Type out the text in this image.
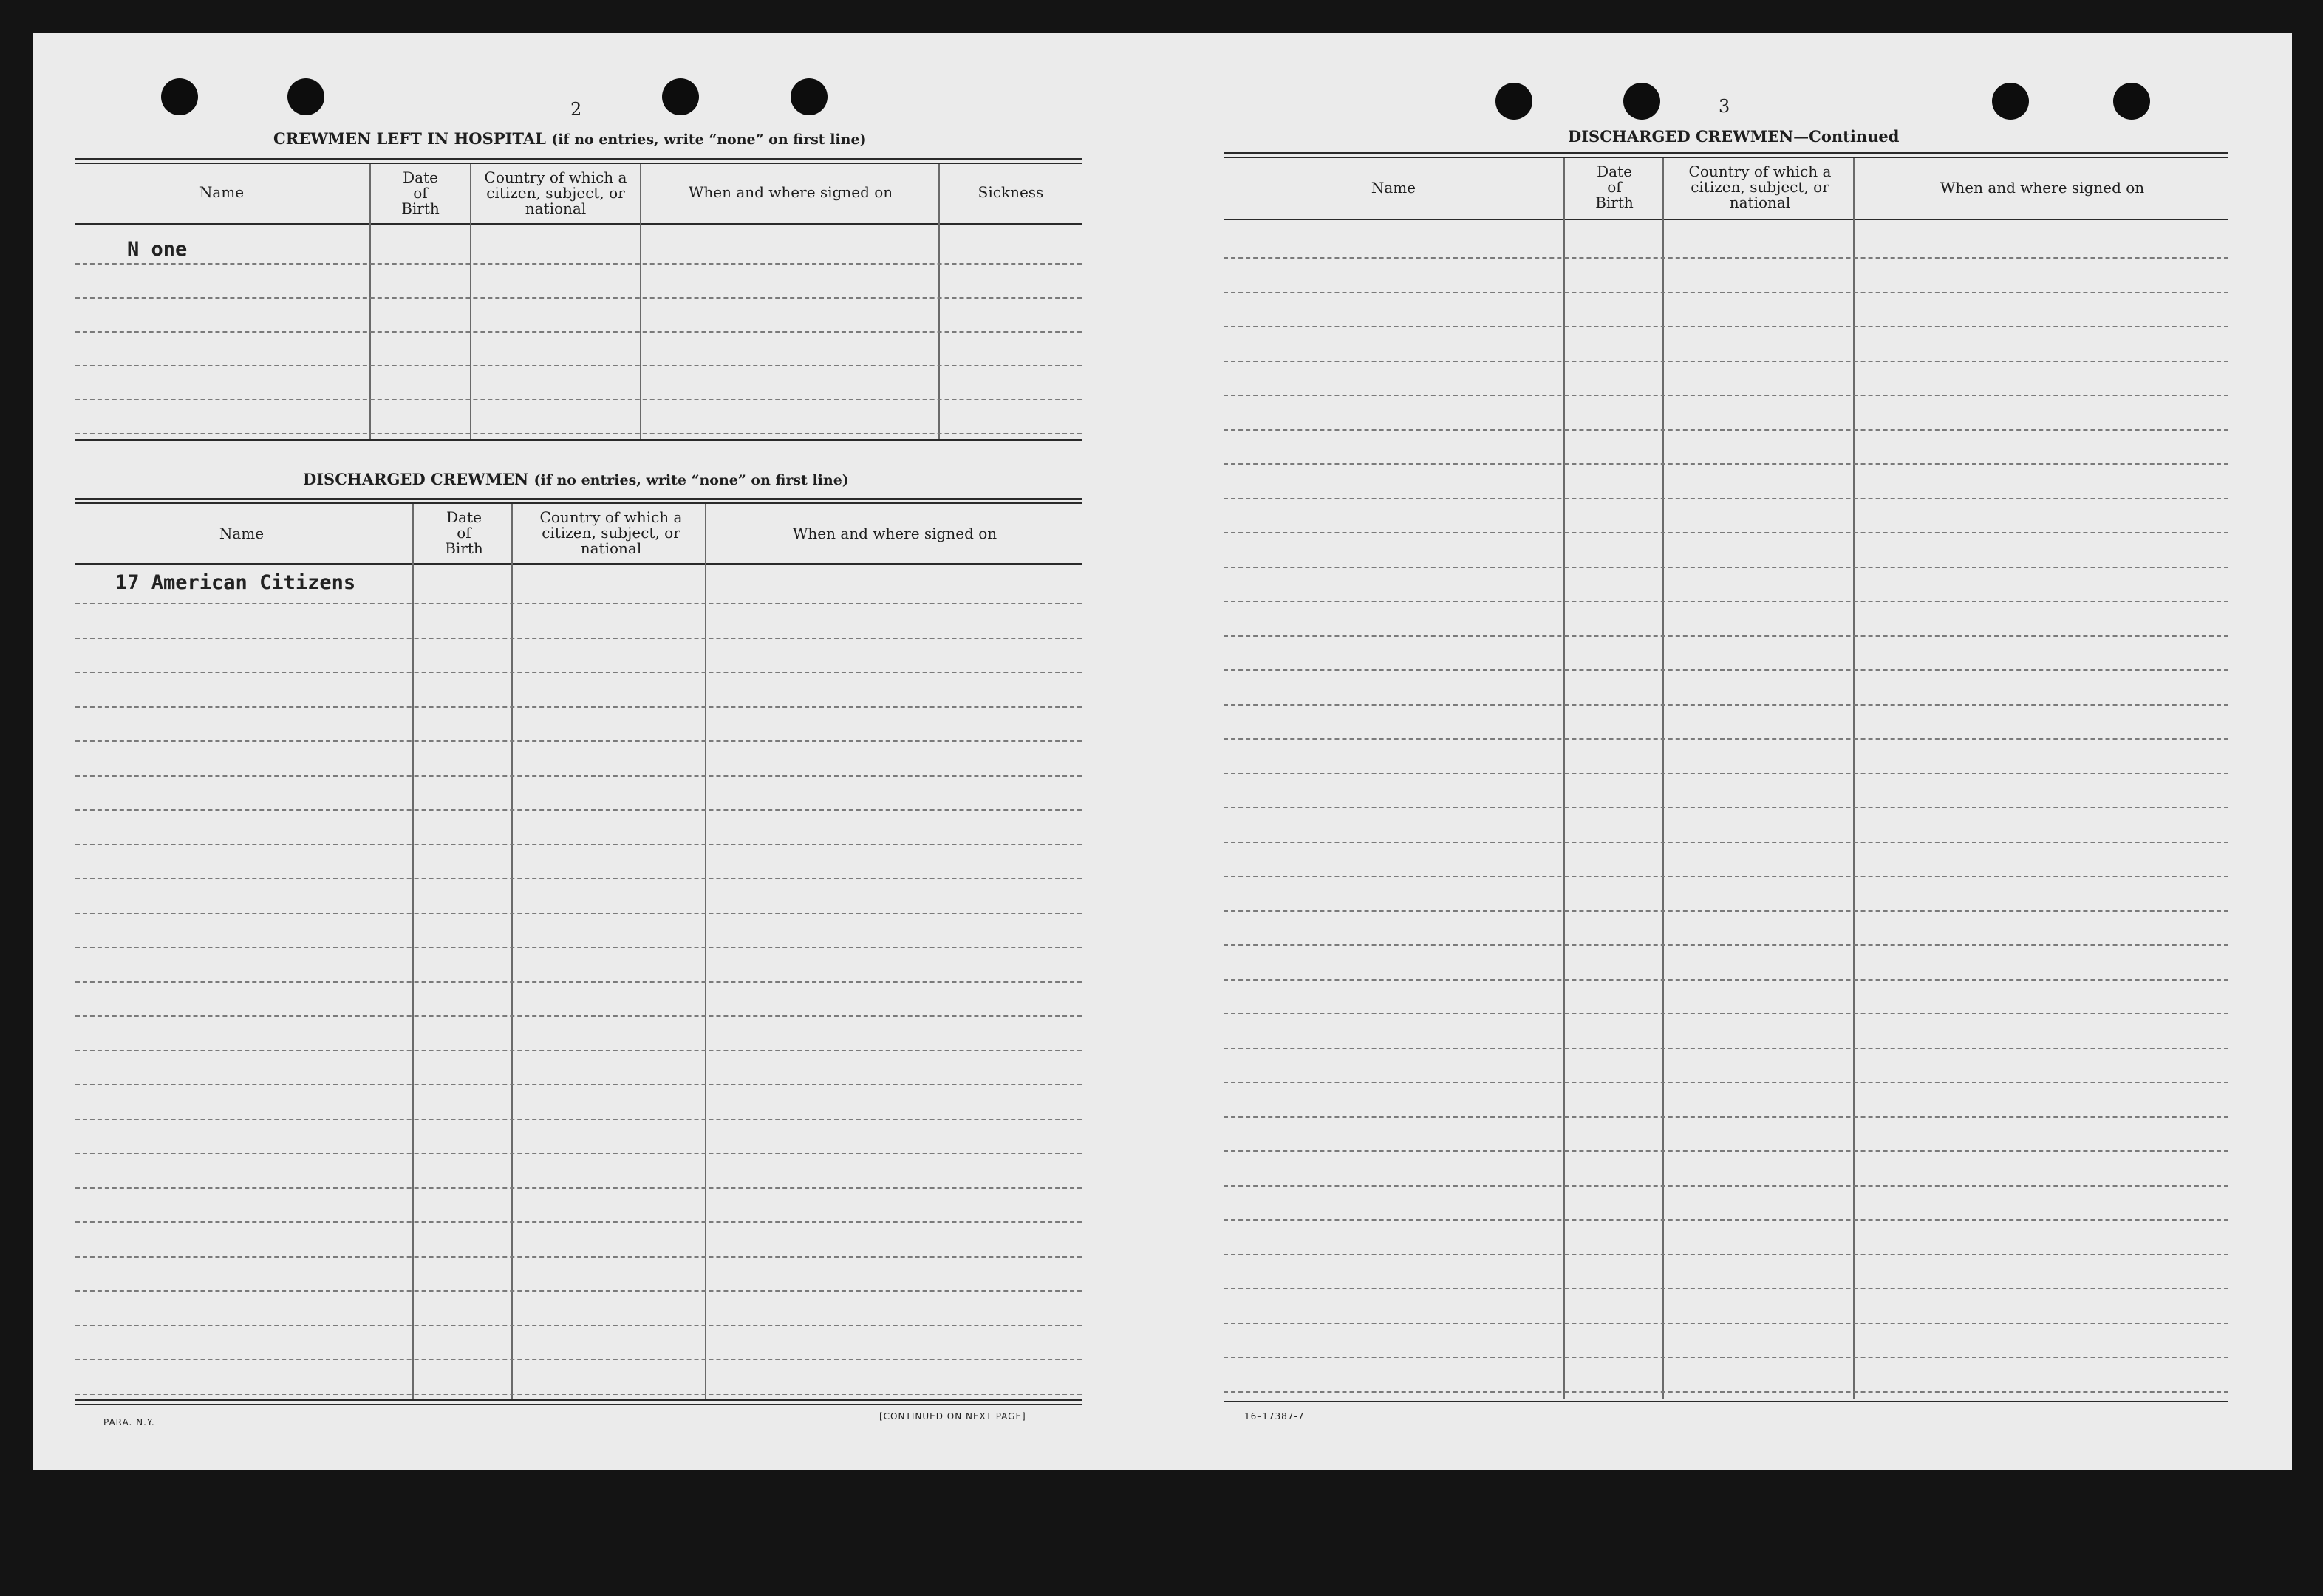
2
CREWMEN LEFT IN HOSPITAL (if no entries, write “none” on first line)
Name
Date
of
Birth
Country of which a
citizen, subject, or
national
When and where signed on	Sickness
N one
DISCHARGED CREWMEN (if no entries, write “none” on first line)
Name
Date
of
Birth
Country of which a
citizen, subject, or
national
When and where signed on
17 American Citizens
PARA. N.Y.
[CONTINUED ON NEXT PAGE]
3
DISCHARGED CREWMEN—Continued
Name
Date
of
Birth
Country of which a
citizen, subject, or
national
When and where signed on
16–17387-7
